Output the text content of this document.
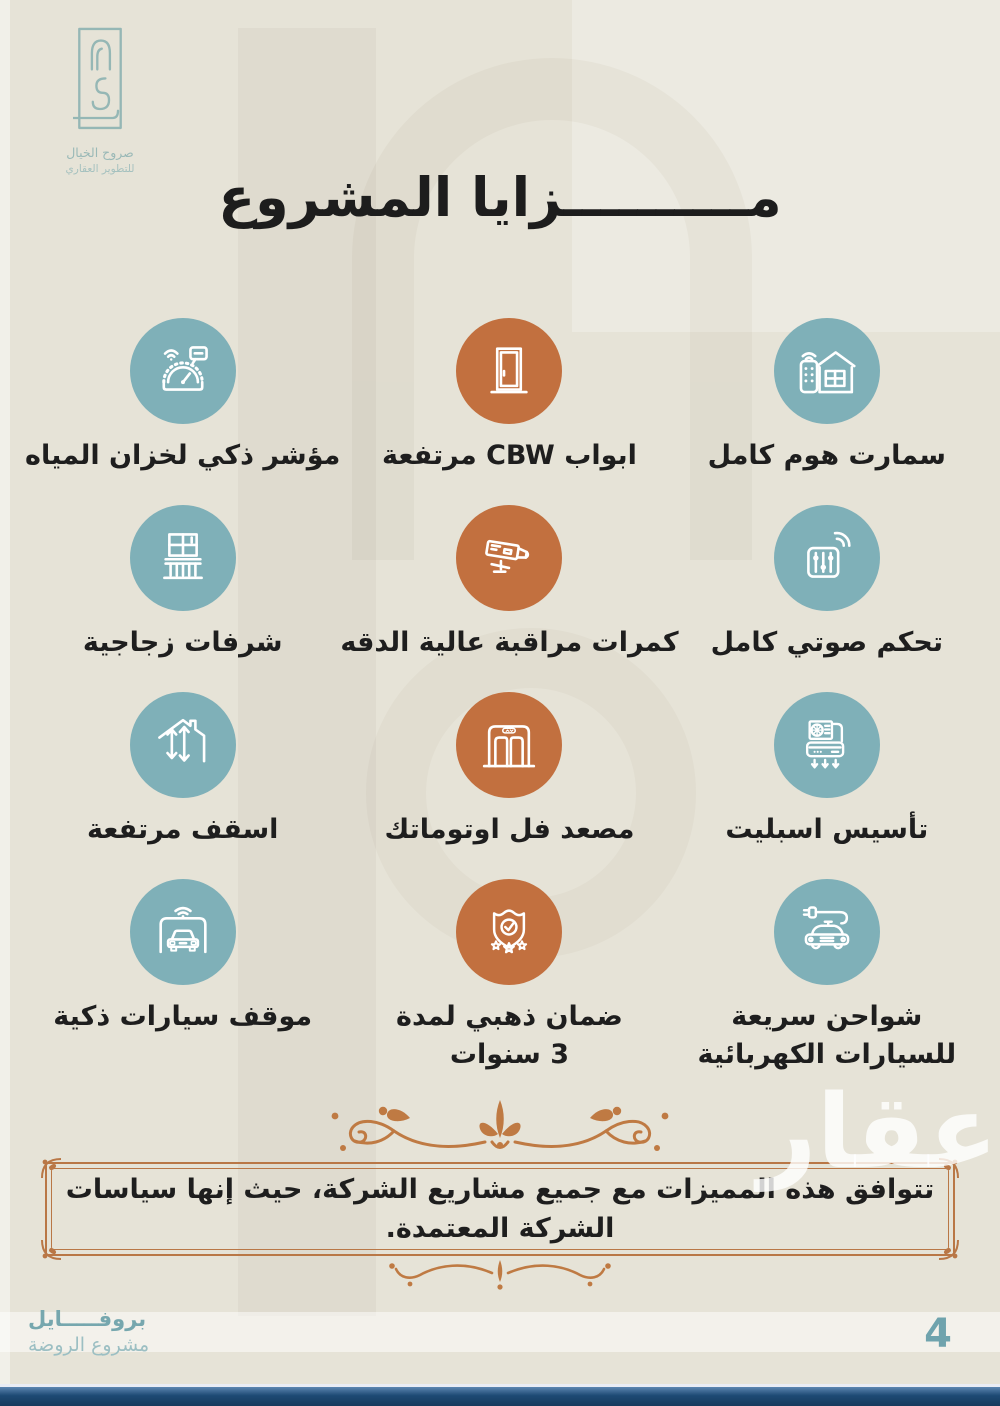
صروح الخيال
للتطوير العقاري	مــــــــــزايا المشروع
سمارت هوم كامل
ابواب CBW مرتفعة
مؤشر ذكي لخزان المياه
تحكم صوتي كامل
كمرات مراقبة عالية الدقه
شرفات زجاجية
تأسيس اسبليت
مصعد فل اوتوماتك
اسقف مرتفعة
شواحن سريعة للسيارات الكهربائية
ضمان ذهبي لمدة 3 سنوات
موقف سيارات ذكية
تتوافق هذه المميزات مع جميع مشاريع الشركة، حيث إنها سياسات
الشركة المعتمدة.
عقار
بروفـــــايل
مشروع الروضة	4
